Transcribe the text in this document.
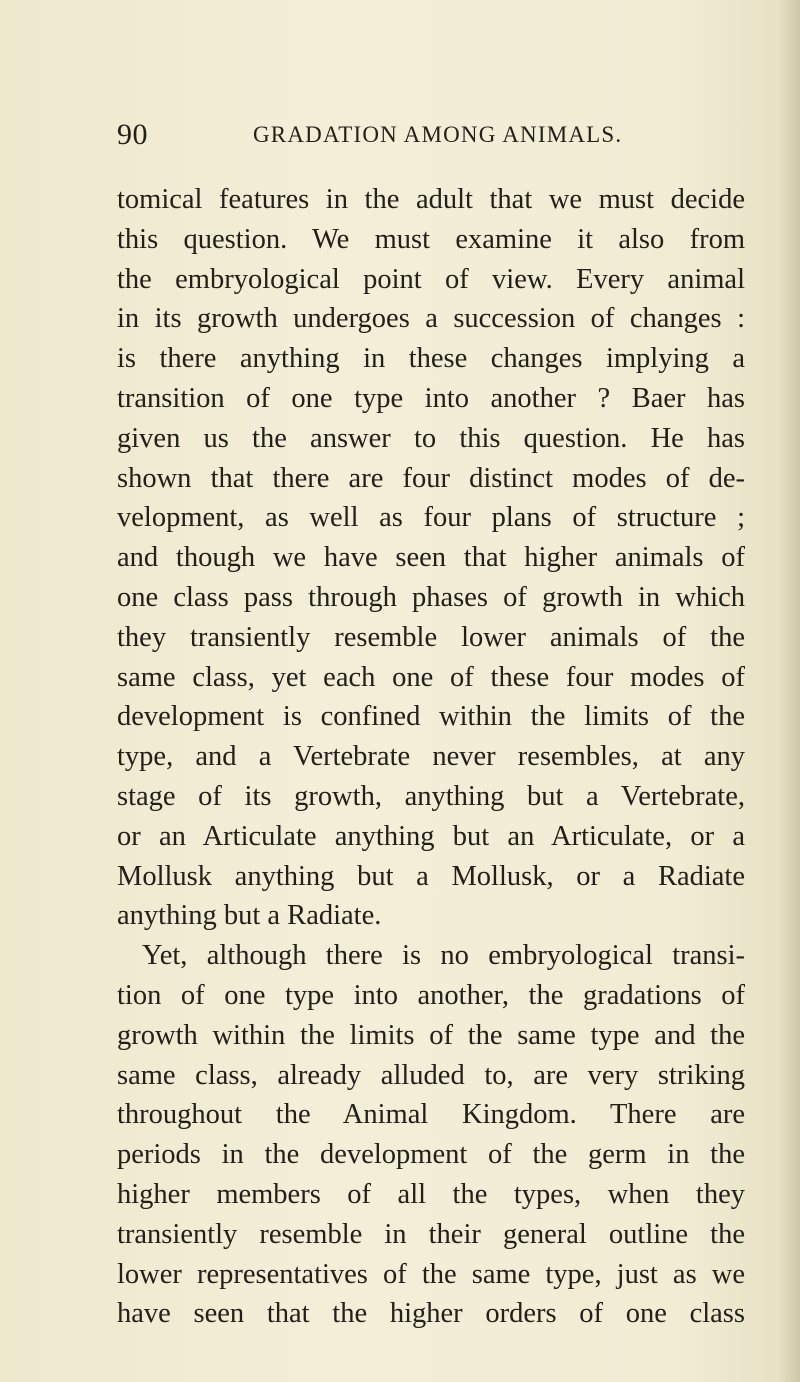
90	GRADATION AMONG ANIMALS.
tomical features in the adult that we must decide
this question. We must examine it also from
the embryological point of view. Every animal
in its growth undergoes a succession of changes :
is there anything in these changes implying a
transition of one type into another ? Baer has
given us the answer to this question. He has
shown that there are four distinct modes of de-
velopment, as well as four plans of structure ;
and though we have seen that higher animals of
one class pass through phases of growth in which
they transiently resemble lower animals of the
same class, yet each one of these four modes of
development is confined within the limits of the
type, and a Vertebrate never resembles, at any
stage of its growth, anything but a Vertebrate,
or an Articulate anything but an Articulate, or a
Mollusk anything but a Mollusk, or a Radiate
anything but a Radiate.
Yet, although there is no embryological transi-
tion of one type into another, the gradations of
growth within the limits of the same type and the
same class, already alluded to, are very striking
throughout the Animal Kingdom. There are
periods in the development of the germ in the
higher members of all the types, when they
transiently resemble in their general outline the
lower representatives of the same type, just as we
have seen that the higher orders of one class
